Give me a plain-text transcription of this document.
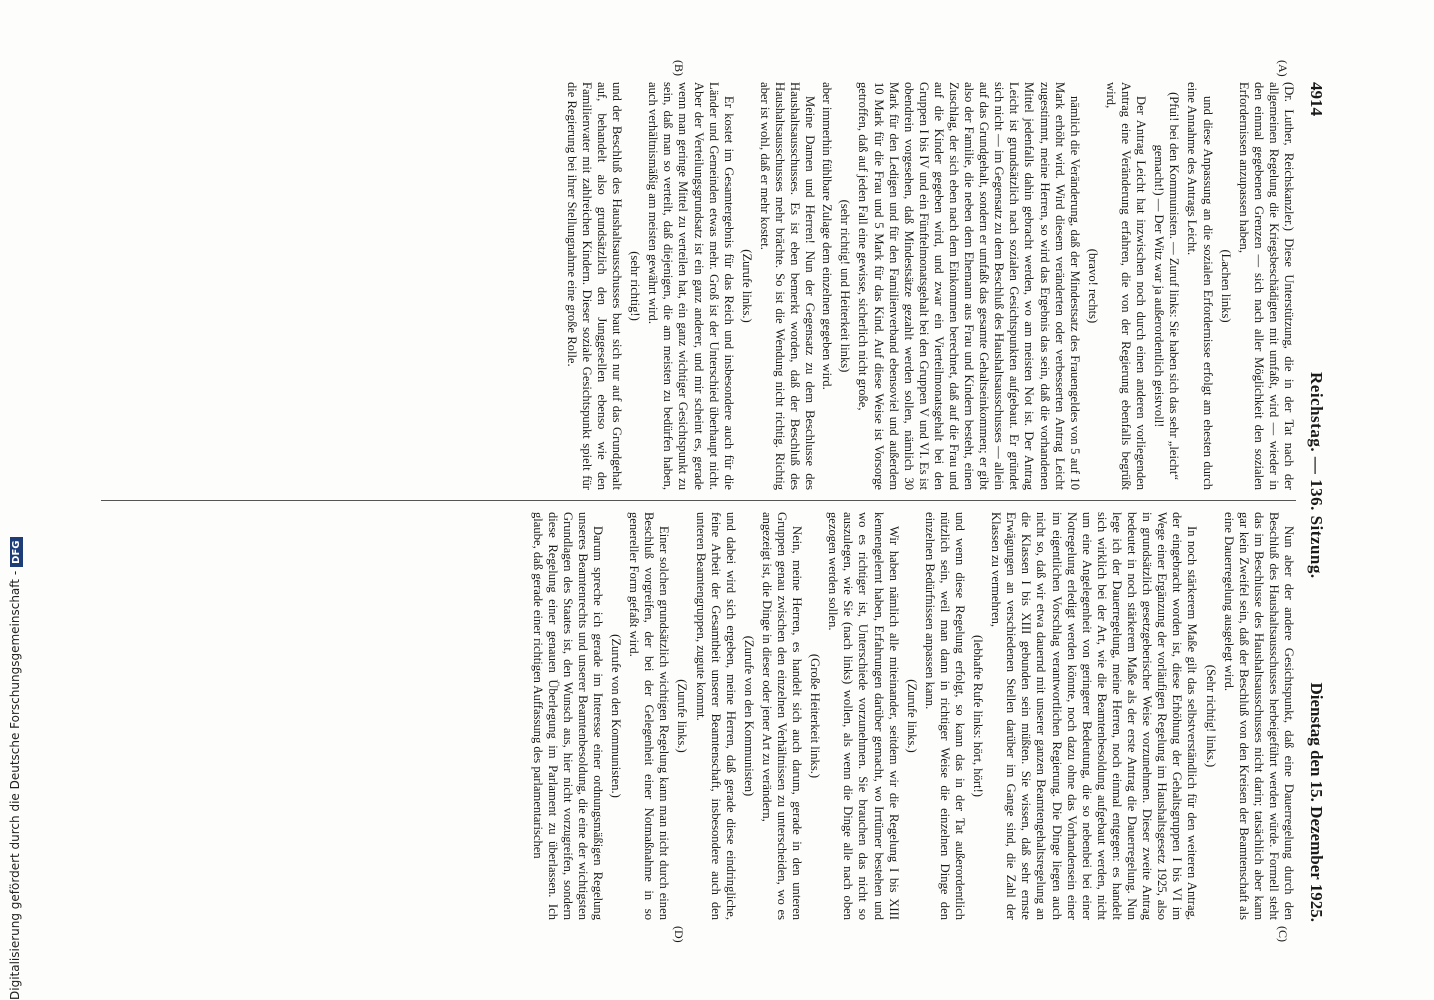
4914
Reichstag. — 136. Sitzung.
Dienstag den 15. Dezember 1925.
(A)
(B)
(C)
(D)

(Dr. Luther, Reichskanzler.) Diese Unterstützung, die in der Tat nach der allgemeinen Regelung die Kriegsbeschädigten mit umfaßt, wird — wieder in den einmal gegebenen Grenzen — sich nach aller Möglichkeit den sozialen Erfordernissen anzupassen haben,

(Lachen links)

und diese Anpassung an die sozialen Erfordernisse erfolgt am ehesten durch eine Annahme des Antrags Leicht.

(Pfui! bei den Kommunisten. — Zuruf links: Sie haben sich das sehr „leicht“ gemacht!) — Der Witz war ja außerordentlich geistvoll!

Der Antrag Leicht hat inzwischen noch durch einen anderen vorliegenden Antrag eine Veränderung erfahren, die von der Regierung ebenfalls begrüßt wird,

(bravo! rechts)

nämlich die Veränderung, daß der Mindestsatz des Frauengeldes von 5 auf 10 Mark erhöht wird. Wird diesem veränderten oder verbesserten Antrag Leicht zugestimmt, meine Herren, so wird das Ergebnis das sein, daß die vorhandenen Mittel jedenfalls dahin gebracht werden, wo am meisten Not ist. Der Antrag Leicht ist grundsätzlich nach sozialen Gesichtspunkten aufgebaut. Er gründet sich nicht — im Gegensatz zu dem Beschluß des Haushaltsausschusses — allein auf das Grundgehalt, sondern er umfaßt das gesamte Gehaltseinkommen; er gibt also der Familie, die neben dem Ehemann aus Frau und Kindern besteht, einen Zuschlag, der sich eben nach dem Einkommen berechnet, daß auf die Frau und auf die Kinder gegeben wird, und zwar ein Vierteilmonatsgehalt bei den Gruppen I bis IV und ein Fünftelmonatsgehalt bei den Gruppen V und VI. Es ist obendrein vorgesehen, daß Mindestsätze gezahlt werden sollen, nämlich 30 Mark für den Ledigen und für den Familienverband ebensoviel und außerdem 10 Mark für die Frau und 5 Mark für das Kind. Auf diese Weise ist Vorsorge getroffen, daß auf jeden Fall eine gewisse, sicherlich nicht große,

(sehr richtig! und Heiterkeit links)

aber immerhin fühlbare Zulage dem einzelnen gegeben wird.

Meine Damen und Herren! Nun der Gegensatz zu dem Beschlusse des Haushaltsausschusses. Es ist eben bemerkt worden, daß der Beschluß des Haushaltsausschusses mehr brächte. So ist die Wendung nicht richtig. Richtig aber ist wohl, daß er mehr kostet.

(Zurufe links.)

Er kostet im Gesamtergebnis für das Reich und insbesondere auch für die Länder und Gemeinden etwas mehr. Groß ist der Unterschied überhaupt nicht. Aber der Verteilungsgrundsatz ist ein ganz anderer, und mir scheint es, gerade wenn man geringe Mittel zu verteilen hat, ein ganz wichtiger Gesichtspunkt zu sein, daß man so verteilt, daß diejenigen, die am meisten zu bedürfen haben, auch verhältnismäßig am meisten gewährt wird.

(sehr richtig!)

und der Beschluß des Haushaltsausschusses baut sich nur auf das Grundgehalt auf, behandelt also grundsätzlich den Junggesellen ebenso wie den Familienvater mit zahlreichen Kindern. Dieser soziale Gesichtspunkt spielt für die Regierung bei ihrer Stellungnahme eine große Rolle.

Nun aber der andere Gesichtspunkt, daß eine Dauerregelung durch den Beschluß des Haushaltsausschusses herbeigeführt werden würde. Formell steht das im Beschlusse des Haushaltsausschusses nicht darin; tatsächlich aber kann gar kein Zweifel sein, daß der Beschluß von den Kreisen der Beamtenschaft als eine Dauerregelung ausgelegt wird.

(Sehr richtig! links.)

In noch stärkerem Maße gilt das selbstverständlich für den weiteren Antrag, der eingebracht worden ist, diese Erhöhung der Gehaltsgruppen I bis VI im Wege einer Ergänzung der vorläufigen Regelung im Haushaltsgesetz 1925, also in grundsätzlich gesetzgeberischer Weise vorzunehmen. Dieser zweite Antrag bedeutet in noch stärkerem Maße als der erste Antrag die Dauerregelung. Nun lege ich der Dauerregelung, meine Herren, noch einmal entgegen: es handelt sich wirklich bei der Art, wie die Beamtenbesoldung aufgebaut werden, nicht um eine Angelegenheit von geringerer Bedeutung, die so nebenbei bei einer Notregelung erledigt werden könnte, noch dazu ohne das Vorhandensein einer im eigentlichen Vorschlag verantwortlichen Regierung. Die Dinge liegen auch nicht so, daß wir etwa dauernd mit unserer ganzen Beamtengehaltsregelung an die Klassen I bis XIII gebunden sein müßten. Sie wissen, daß sehr ernste Erwägungen an verschiedenen Stellen darüber im Gange sind, die Zahl der Klassen zu vermehren,

(lebhafte Rufe links: hört, hört!)

und wenn diese Regelung erfolgt, so kann das in der Tat außerordentlich nützlich sein, weil man dann in richtiger Weise die einzelnen Dinge den einzelnen Bedürfnissen anpassen kann.

(Zurufe links.)

Wir haben nämlich alle miteinander, seitdem wir die Regelung I bis XIII kennengelernt haben, Erfahrungen darüber gemacht, wo Irrtümer bestehen und wo es richtiger ist, Unterschiede vorzunehmen. Sie brauchen das nicht so auszulegen, wie Sie (nach links) wollen, als wenn die Dinge alle nach oben gezogen werden sollen.

(Große Heiterkeit links.)

Nein, meine Herren, es handelt sich auch darum, gerade in den unteren Gruppen genau zwischen den einzelnen Verhältnissen zu unterscheiden, wo es angezeigt ist, die Dinge in dieser oder jener Art zu verändern,

(Zurufe von den Kommunisten)

und dabei wird sich ergeben, meine Herren, daß gerade diese eindringliche, feine Arbeit der Gesamtheit unserer Beamtenschaft, insbesondere auch den unteren Beamtengruppen, zugute kommt.

(Zurufe links.)

Einer solchen grundsätzlich wichtigen Regelung kann man nicht durch einen Beschluß vorgreifen, der bei der Gelegenheit einer Notmaßnahme in so genereller Form gefaßt wird.

(Zurufe von den Kommunisten.)

Darum spreche ich gerade im Interesse einer ordnungsmäßigen Regelung unseres Beamtenrechts und unserer Beamtenbesoldung, die eine der wichtigsten Grundlagen des Staates ist, den Wunsch aus, hier nicht vorzugreifen, sondern diese Regelung einer genauen Überlegung im Parlament zu überlassen. Ich glaube, daß gerade einer richtigen Auffassung des parlamentarischen

Digitalisierung gefördert durch die Deutsche Forschungsgemeinschaft -DFG
